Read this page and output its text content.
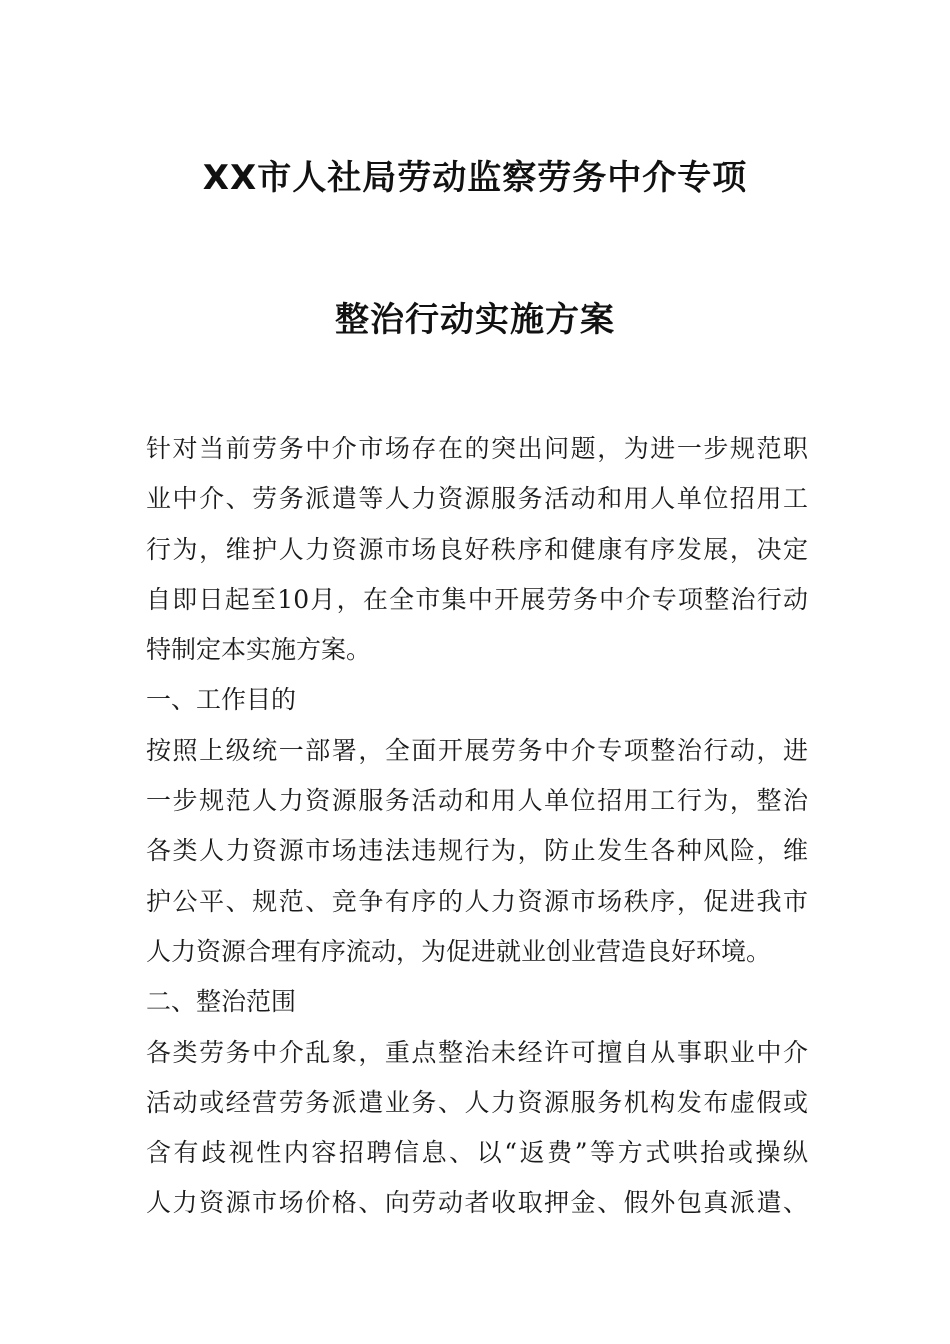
XX市人社局劳动监察劳务中介专项
整治行动实施方案
针对当前劳务中介市场存在的突出问题，为进一步规范职
业中介、劳务派遣等人力资源服务活动和用人单位招用工
行为，维护人力资源市场良好秩序和健康有序发展，决定
自即日起至10月，在全市集中开展劳务中介专项整治行动
特制定本实施方案。
一、工作目的
按照上级统一部署，全面开展劳务中介专项整治行动，进
一步规范人力资源服务活动和用人单位招用工行为，整治
各类人力资源市场违法违规行为，防止发生各种风险，维
护公平、规范、竞争有序的人力资源市场秩序，促进我市
人力资源合理有序流动，为促进就业创业营造良好环境。
二、整治范围
各类劳务中介乱象，重点整治未经许可擅自从事职业中介
活动或经营劳务派遣业务、人力资源服务机构发布虚假或
含有歧视性内容招聘信息、以“返费”等方式哄抬或操纵
人力资源市场价格、向劳动者收取押金、假外包真派遣、
